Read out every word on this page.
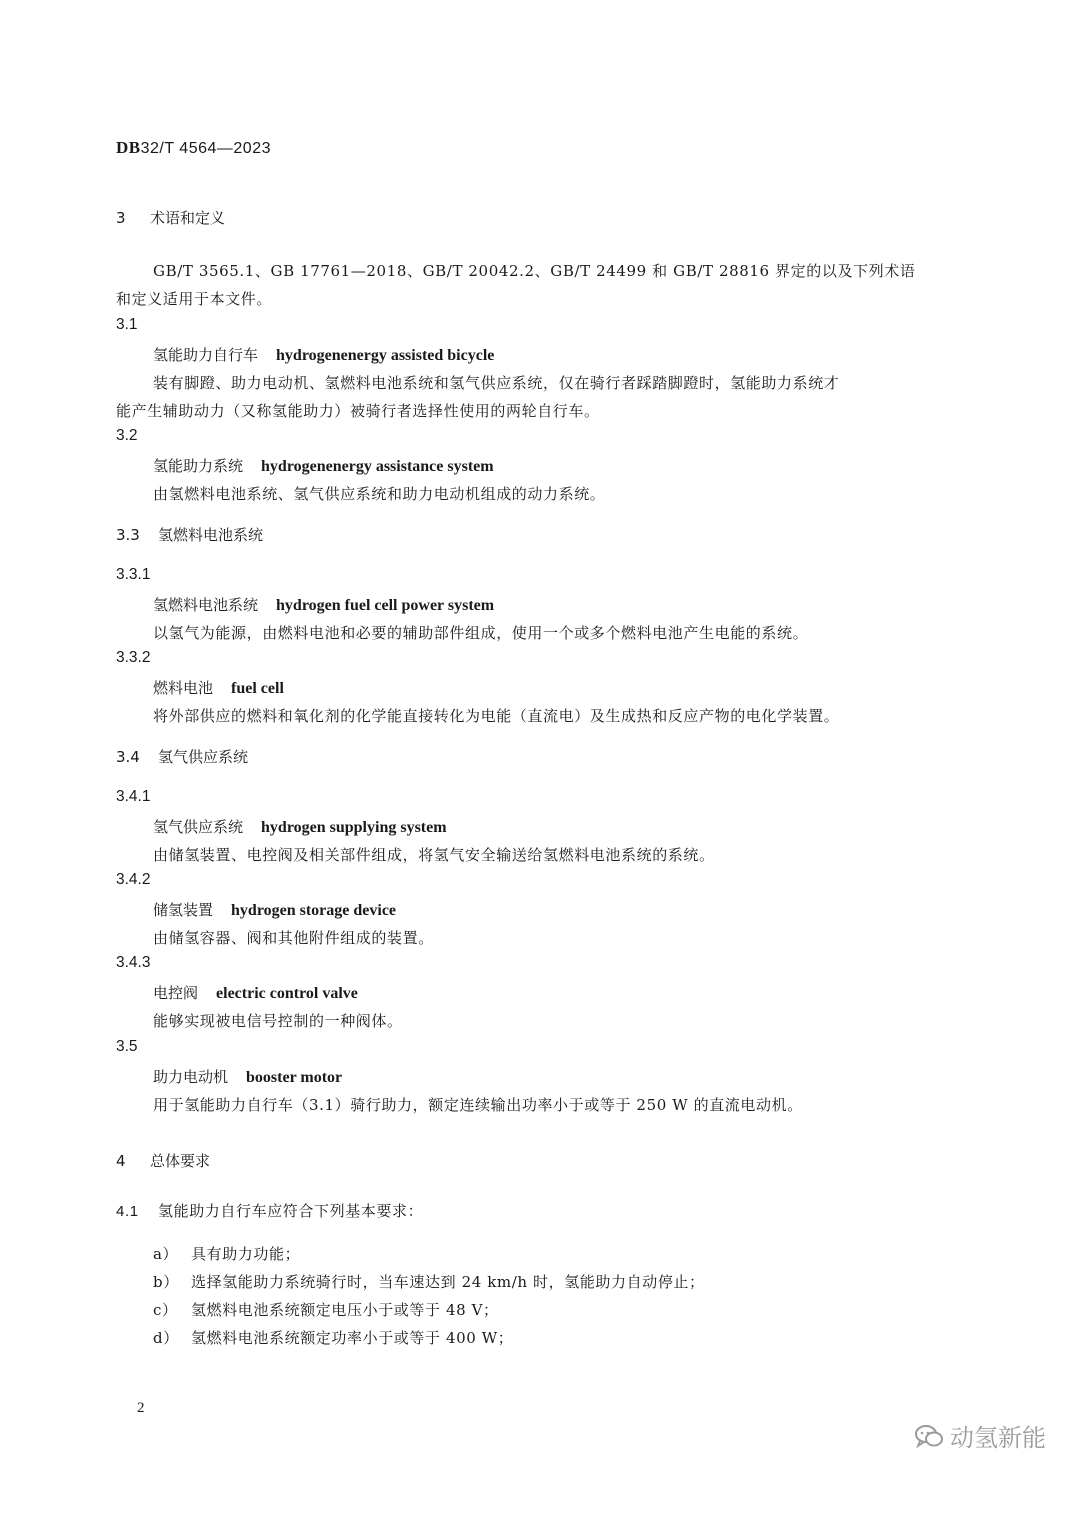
DB32/T 4564—2023
3 术语和定义
GB/T 3565.1、GB 17761—2018、GB/T 20042.2、GB/T 24499 和 GB/T 28816 界定的以及下列术语
和定义适用于本文件。
3.1
氢能助力自行车 hydrogenenergy assisted bicycle
装有脚蹬、助力电动机、氢燃料电池系统和氢气供应系统，仅在骑行者踩踏脚蹬时，氢能助力系统才
能产生辅助动力（又称氢能助力）被骑行者选择性使用的两轮自行车。
3.2
氢能助力系统 hydrogenenergy assistance system
由氢燃料电池系统、氢气供应系统和助力电动机组成的动力系统。
3.3 氢燃料电池系统
3.3.1
氢燃料电池系统 hydrogen fuel cell power system
以氢气为能源，由燃料电池和必要的辅助部件组成，使用一个或多个燃料电池产生电能的系统。
3.3.2
燃料电池 fuel cell
将外部供应的燃料和氧化剂的化学能直接转化为电能（直流电）及生成热和反应产物的电化学装置。
3.4 氢气供应系统
3.4.1
氢气供应系统 hydrogen supplying system
由储氢装置、电控阀及相关部件组成，将氢气安全输送给氢燃料电池系统的系统。
3.4.2
储氢装置 hydrogen storage device
由储氢容器、阀和其他附件组成的装置。
3.4.3
电控阀 electric control valve
能够实现被电信号控制的一种阀体。
3.5
助力电动机 booster motor
用于氢能助力自行车（3.1）骑行助力，额定连续输出功率小于或等于 250 W 的直流电动机。
4 总体要求
4.1 氢能助力自行车应符合下列基本要求：
a） 具有助力功能；
b） 选择氢能助力系统骑行时，当车速达到 24 km/h 时，氢能助力自动停止；
c） 氢燃料电池系统额定电压小于或等于 48 V；
d） 氢燃料电池系统额定功率小于或等于 400 W；
2
动氢新能
